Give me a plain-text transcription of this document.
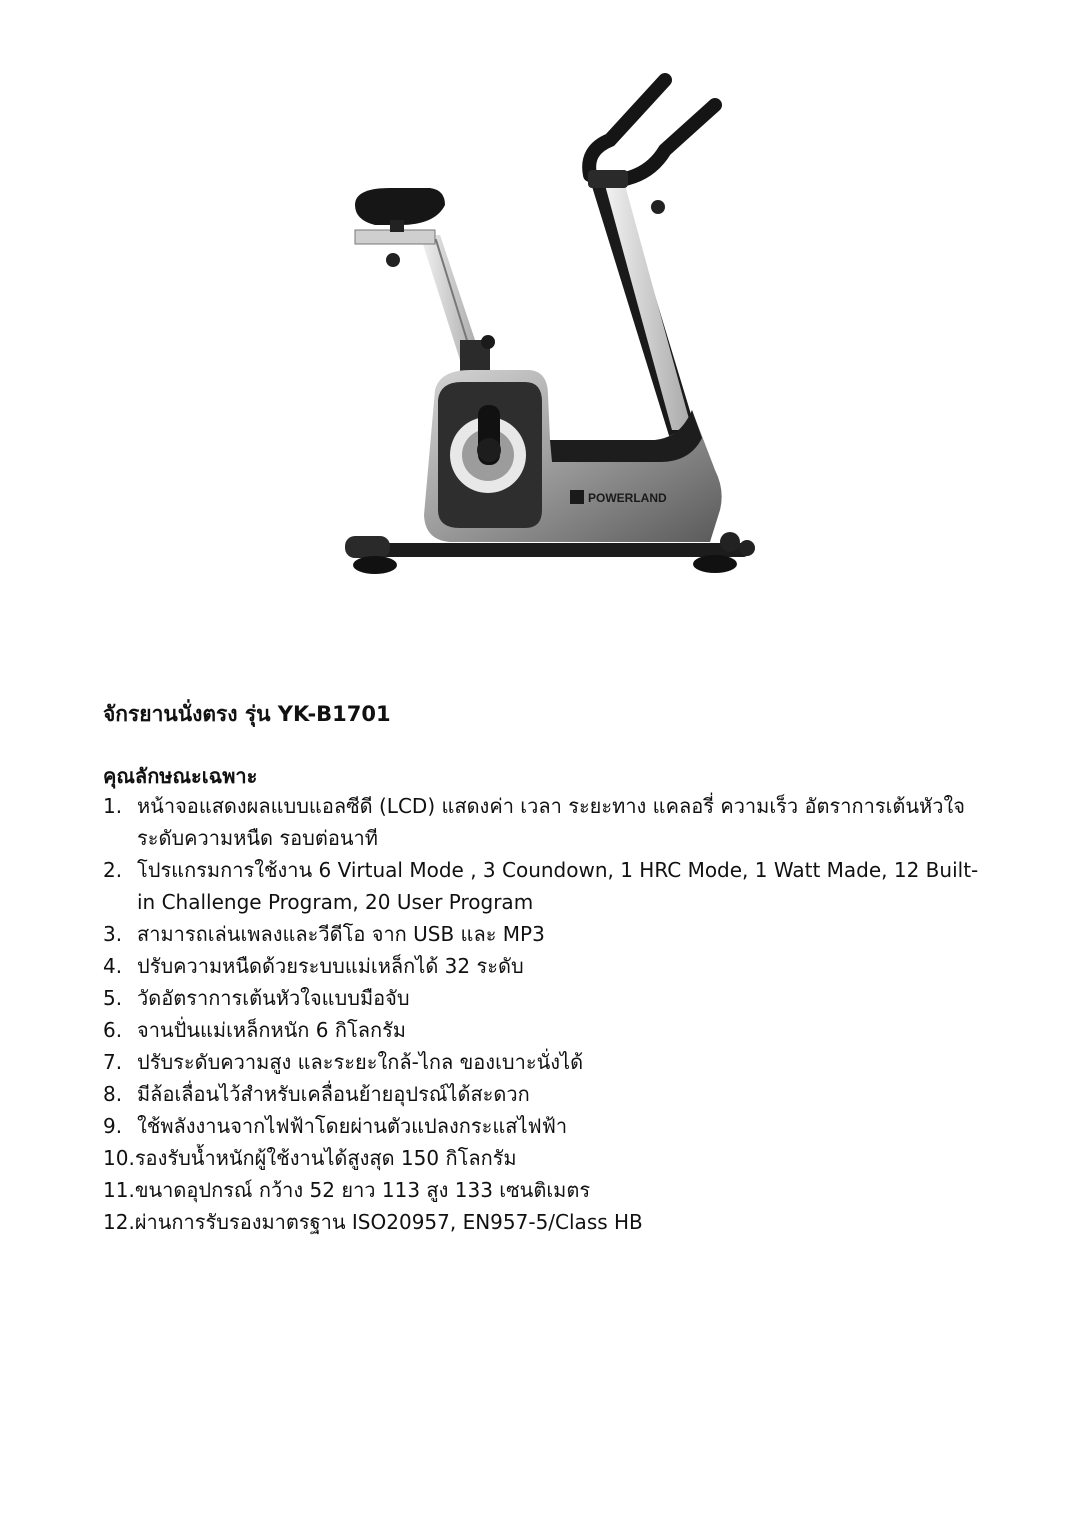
POWERLAND
จักรยานนั่งตรง รุ่น YK-B1701
คุณลักษณะเฉพาะ
1. หน้าจอแสดงผลแบบแอลซีดี (LCD) แสดงค่า เวลา ระยะทาง แคลอรี่ ความเร็ว อัตราการเต้นหัวใจ ระดับความหนืด รอบต่อนาที
2. โปรแกรมการใช้งาน 6 Virtual Mode , 3 Coundown, 1 HRC Mode, 1 Watt Made, 12 Built-in Challenge Program, 20 User Program
3. สามารถเล่นเพลงและวีดีโอ จาก USB และ MP3
4. ปรับความหนืดด้วยระบบแม่เหล็กได้ 32 ระดับ
5. วัดอัตราการเต้นหัวใจแบบมือจับ
6. จานปั่นแม่เหล็กหนัก 6 กิโลกรัม
7. ปรับระดับความสูง และระยะใกล้-ไกล ของเบาะนั่งได้
8. มีล้อเลื่อนไว้สำหรับเคลื่อนย้ายอุปรณ์ได้สะดวก
9. ใช้พลังงานจากไฟฟ้าโดยผ่านตัวแปลงกระแสไฟฟ้า
10. รองรับน้ำหนักผู้ใช้งานได้สูงสุด 150 กิโลกรัม
11. ขนาดอุปกรณ์ กว้าง 52 ยาว 113 สูง 133 เซนติเมตร
12. ผ่านการรับรองมาตรฐาน ISO20957, EN957-5/Class HB
